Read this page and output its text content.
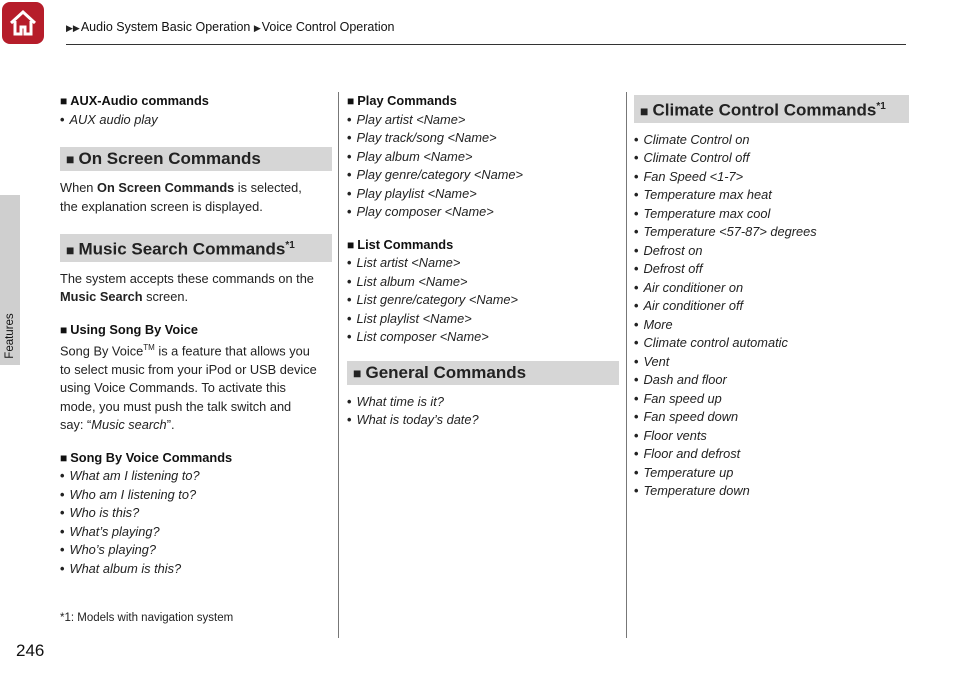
▶▶Audio System Basic Operation ▶Voice Control Operation
Features
■ AUX-Audio commands
• AUX audio play
■ On Screen Commands

When On Screen Commands is selected,

the explanation screen is displayed.

■ Music Search Commands$^{*1}$

The system accepts these commands on the

Music Search screen.

■ Using Song By Voice

Song By Voice™ is a feature that allows you

to select music from your iPod or USB device

using Voice Commands. To activate this

mode, you must push the talk switch and

say: “Music search”.

■ Song By Voice Commands
• What am I listening to?
• Who am I listening to?
• Who is this?
• What’s playing?
• Who’s playing?
• What album is this?
■ Play Commands
• Play artist <Name>
• Play track/song <Name>
• Play album <Name>
• Play genre/category <Name>
• Play playlist <Name>
• Play composer <Name>
■ List Commands
• List artist <Name>
• List album <Name>
• List genre/category <Name>
• List playlist <Name>
• List composer <Name>
■ General Commands
• What time is it?
• What is today’s date?
■ Climate Control Commands$^{*1}$
• Climate Control on
• Climate Control off
• Fan Speed <1-7>
• Temperature max heat
• Temperature max cool
• Temperature <57-87> degrees
• Defrost on
• Defrost off
• Air conditioner on
• Air conditioner off
• More
• Climate control automatic
• Vent
• Dash and floor
• Fan speed up
• Fan speed down
• Floor vents
• Floor and defrost
• Temperature up
• Temperature down
*1: Models with navigation system
246
